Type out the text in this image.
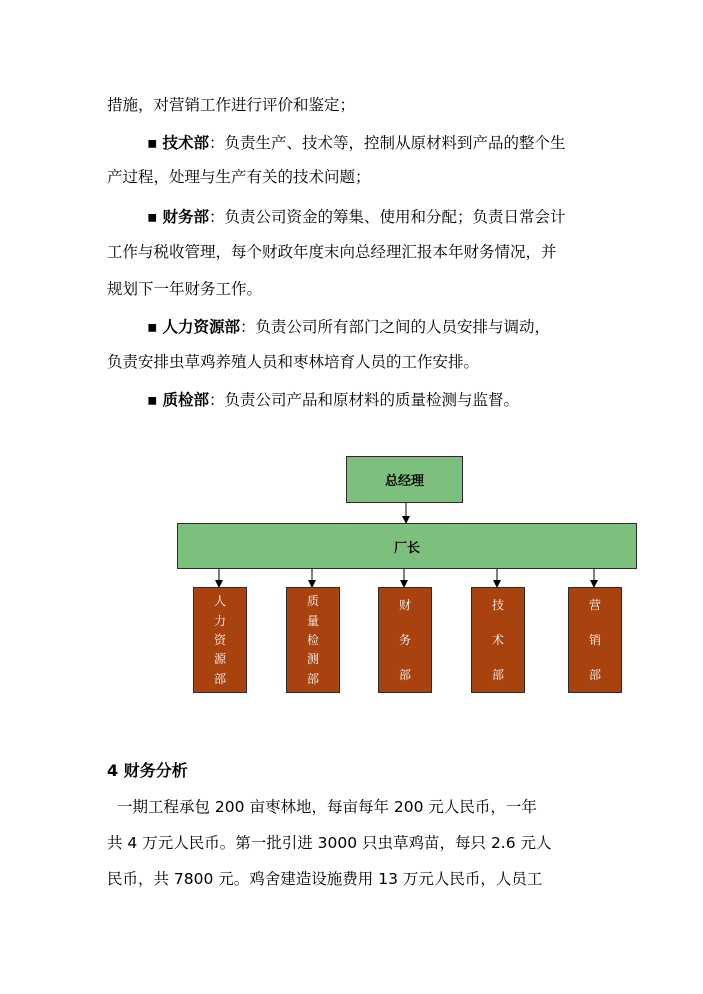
措施，对营销工作进行评价和鉴定；
▪ 技术部：负责生产、技术等，控制从原材料到产品的整个生
产过程，处理与生产有关的技术问题；
▪ 财务部：负责公司资金的筹集、使用和分配；负责日常会计
工作与税收管理，每个财政年度末向总经理汇报本年财务情况，并
规划下一年财务工作。
▪ 人力资源部：负责公司所有部门之间的人员安排与调动，
负责安排虫草鸡养殖人员和枣林培育人员的工作安排。
▪ 质检部：负责公司产品和原材料的质量检测与监督。
总经理
厂长
人
力
资
源
部
质
量
检
测
部
财
务
部
技
术
部
营
销
部
4 财务分析
一期工程承包 200 亩枣林地，每亩每年 200 元人民币，一年
共 4 万元人民币。第一批引进 3000 只虫草鸡苗，每只 2.6 元人
民币，共 7800 元。鸡舍建造设施费用 13 万元人民币，人员工
